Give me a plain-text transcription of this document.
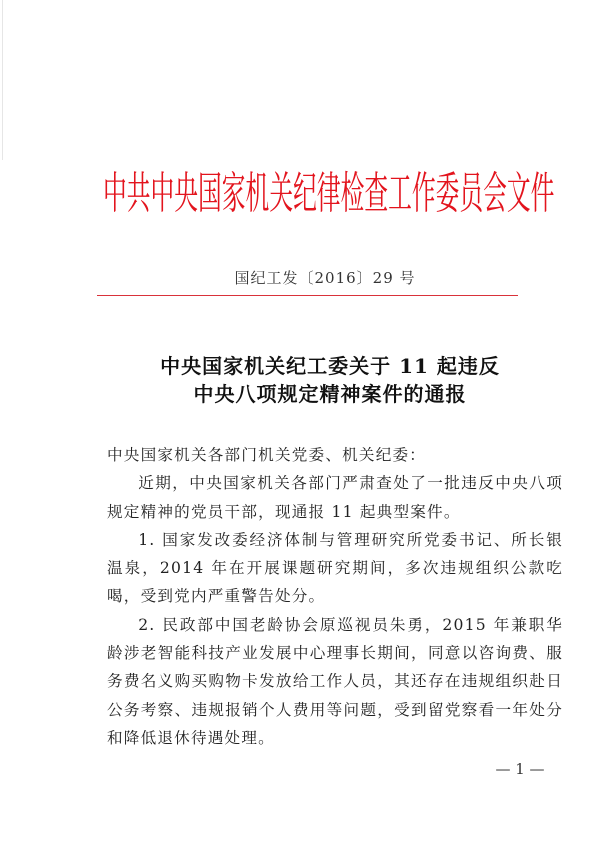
中共中央国家机关纪律检查工作委员会文件
国纪工发〔2016〕29 号
中央国家机关纪工委关于 11 起违反
中央八项规定精神案件的通报

中央国家机关各部门机关党委、机关纪委：

近期，中央国家机关各部门严肃查处了一批违反中央八项规定精神的党员干部，现通报 11 起典型案件。

1. 国家发改委经济体制与管理研究所党委书记、所长银温泉，2014 年在开展课题研究期间，多次违规组织公款吃喝，受到党内严重警告处分。

2. 民政部中国老龄协会原巡视员朱勇，2015 年兼职华龄涉老智能科技产业发展中心理事长期间，同意以咨询费、服务费名义购买购物卡发放给工作人员，其还存在违规组织赴日公务考察、违规报销个人费用等问题，受到留党察看一年处分和降低退休待遇处理。

— 1 —
